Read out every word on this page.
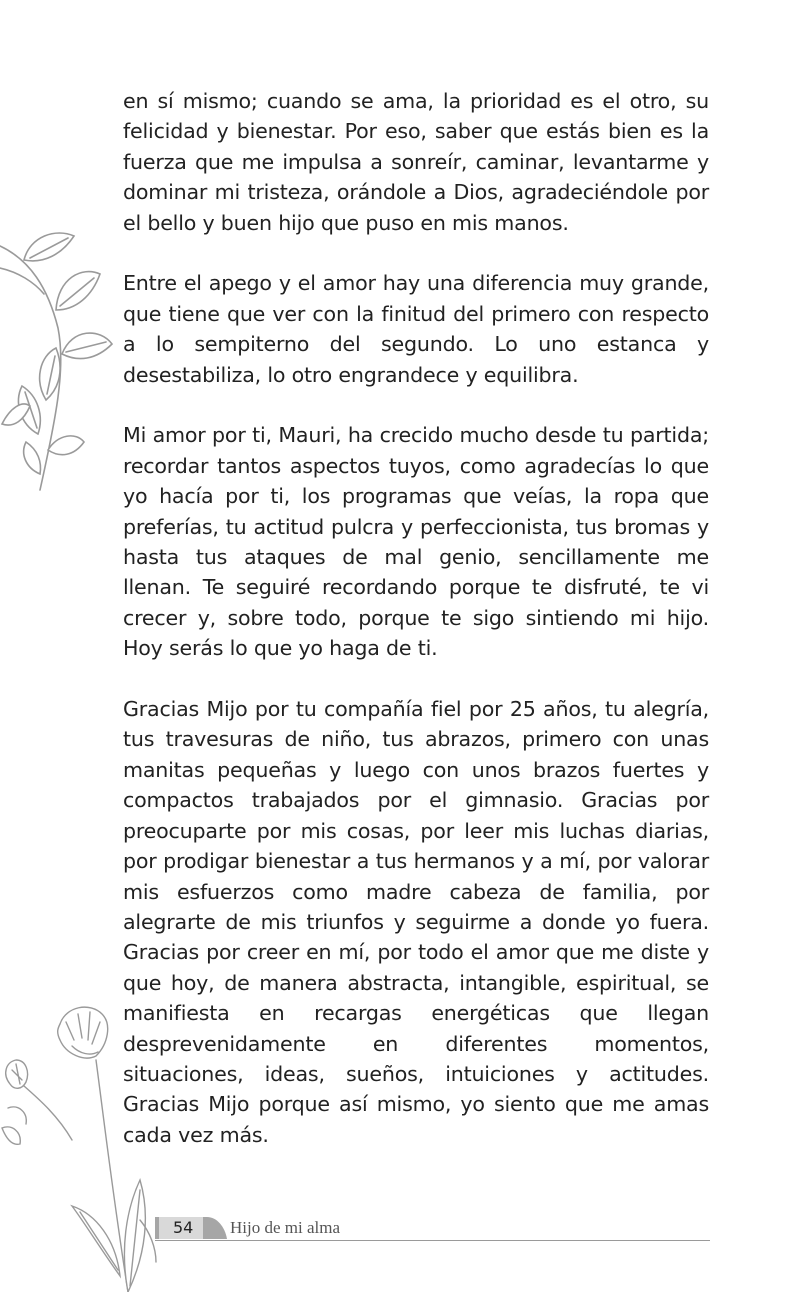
en sí mismo; cuando se ama, la prioridad es el otro, su felicidad y bienestar. Por eso, saber que estás bien es la fuerza que me impulsa a sonreír, caminar, levantarme y dominar mi tristeza, orándole a Dios, agradeciéndole por el bello y buen hijo que puso en mis manos.

Entre el apego y el amor hay una diferencia muy grande, que tiene que ver con la finitud del primero con respecto a lo sempiterno del segundo. Lo uno estanca y desestabiliza, lo otro engrandece y equilibra.

Mi amor por ti, Mauri, ha crecido mucho desde tu partida; recordar tantos aspectos tuyos, como agradecías lo que yo hacía por ti, los programas que veías, la ropa que preferías, tu actitud pulcra y perfeccionista, tus bromas y hasta tus ataques de mal genio, sencillamente me llenan. Te seguiré recordando porque te disfruté, te vi crecer y, sobre todo, porque te sigo sintiendo mi hijo. Hoy serás lo que yo haga de ti.

Gracias Mijo por tu compañía fiel por 25 años, tu alegría, tus travesuras de niño, tus abrazos, primero con unas manitas pequeñas y luego con unos brazos fuertes y compactos trabajados por el gimnasio. Gracias por preocuparte por mis cosas, por leer mis luchas diarias, por prodigar bienestar a tus hermanos y a mí, por valorar mis esfuerzos como madre cabeza de familia, por alegrarte de mis triunfos y seguirme a donde yo fuera. Gracias por creer en mí, por todo el amor que me diste y que hoy, de manera abstracta, intangible, espiritual, se manifiesta en recargas energéticas que llegan desprevenidamente en diferentes momentos, situaciones, ideas, sueños, intuiciones y actitudes. Gracias Mijo porque así mismo, yo siento que me amas cada vez más.

54 Hijo de mi alma
